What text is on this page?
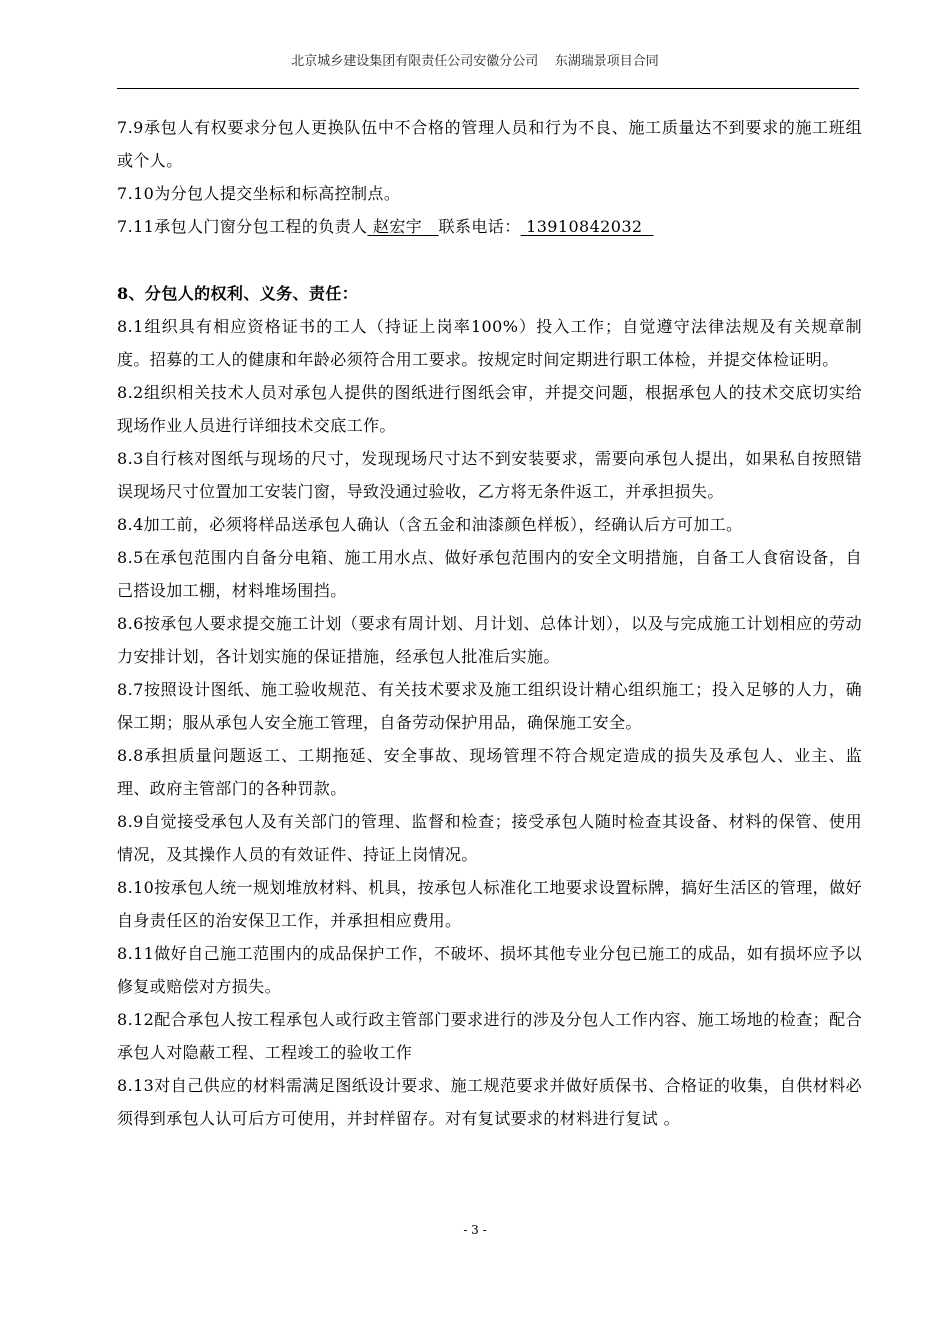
北京城乡建设集团有限责任公司安徽分公司 东湖瑞景项目合同

7.9承包人有权要求分包人更换队伍中不合格的管理人员和行为不良、施工质量达不到要求的施工班组或个人。

7.10为分包人提交坐标和标高控制点。

7.11承包人门窗分包工程的负责人 赵宏宇 联系电话： 13910842032

8、分包人的权利、义务、责任：

8.1组织具有相应资格证书的工人（持证上岗率100%）投入工作；自觉遵守法律法规及有关规章制度。招募的工人的健康和年龄必须符合用工要求。按规定时间定期进行职工体检，并提交体检证明。

8.2组织相关技术人员对承包人提供的图纸进行图纸会审，并提交问题，根据承包人的技术交底切实给现场作业人员进行详细技术交底工作。

8.3自行核对图纸与现场的尺寸，发现现场尺寸达不到安装要求，需要向承包人提出，如果私自按照错误现场尺寸位置加工安装门窗，导致没通过验收，乙方将无条件返工，并承担损失。

8.4加工前，必须将样品送承包人确认（含五金和油漆颜色样板），经确认后方可加工。

8.5在承包范围内自备分电箱、施工用水点、做好承包范围内的安全文明措施，自备工人食宿设备，自己搭设加工棚，材料堆场围挡。

8.6按承包人要求提交施工计划（要求有周计划、月计划、总体计划），以及与完成施工计划相应的劳动力安排计划，各计划实施的保证措施，经承包人批准后实施。

8.7按照设计图纸、施工验收规范、有关技术要求及施工组织设计精心组织施工；投入足够的人力，确保工期；服从承包人安全施工管理，自备劳动保护用品，确保施工安全。

8.8承担质量问题返工、工期拖延、安全事故、现场管理不符合规定造成的损失及承包人、业主、监理、政府主管部门的各种罚款。

8.9自觉接受承包人及有关部门的管理、监督和检查；接受承包人随时检查其设备、材料的保管、使用情况，及其操作人员的有效证件、持证上岗情况。

8.10按承包人统一规划堆放材料、机具，按承包人标准化工地要求设置标牌，搞好生活区的管理，做好自身责任区的治安保卫工作，并承担相应费用。

8.11做好自己施工范围内的成品保护工作，不破坏、损坏其他专业分包已施工的成品，如有损坏应予以修复或赔偿对方损失。

8.12配合承包人按工程承包人或行政主管部门要求进行的涉及分包人工作内容、施工场地的检查；配合承包人对隐蔽工程、工程竣工的验收工作

8.13对自己供应的材料需满足图纸设计要求、施工规范要求并做好质保书、合格证的收集，自供材料必须得到承包人认可后方可使用，并封样留存。对有复试要求的材料进行复试 。

- 3 -
